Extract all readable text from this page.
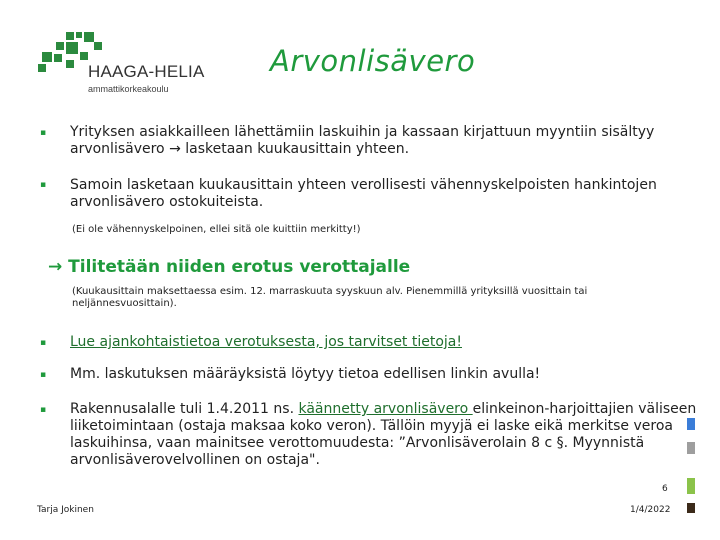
HAAGA-HELIA
ammattikorkeakoulu
Arvonlisävero
▪ Yrityksen asiakkailleen lähettämiin laskuihin ja kassaan kirjattuun myyntiin sisältyy arvonlisävero → lasketaan kuukausittain yhteen.
▪ Samoin lasketaan kuukausittain yhteen verollisesti vähennyskelpoisten hankintojen arvonlisävero ostokuiteista.
(Ei ole vähennyskelpoinen, ellei sitä ole kuittiin merkitty!)
→ Tilitetään niiden erotus verottajalle
(Kuukausittain maksettaessa esim. 12. marraskuuta syyskuun alv. Pienemmillä yrityksillä vuosittain tai neljännesvuosittain).
▪ Lue ajankohtaistietoa verotuksesta, jos tarvitset tietoja!
▪ Mm. laskutuksen määräyksistä löytyy tietoa edellisen linkin avulla!
▪ Rakennusalalle tuli 1.4.2011 ns. käännetty arvonlisävero elinkeinon-harjoittajien väliseen liiketoimintaan (ostaja maksaa koko veron). Tällöin myyjä ei laske eikä merkitse veroa laskuihinsa, vaan mainitsee verottomuudesta: ”Arvonlisäverolain 8 c §. Myynnistä arvonlisäverovelvollinen on ostaja".
6
Tarja Jokinen	1/4/2022
